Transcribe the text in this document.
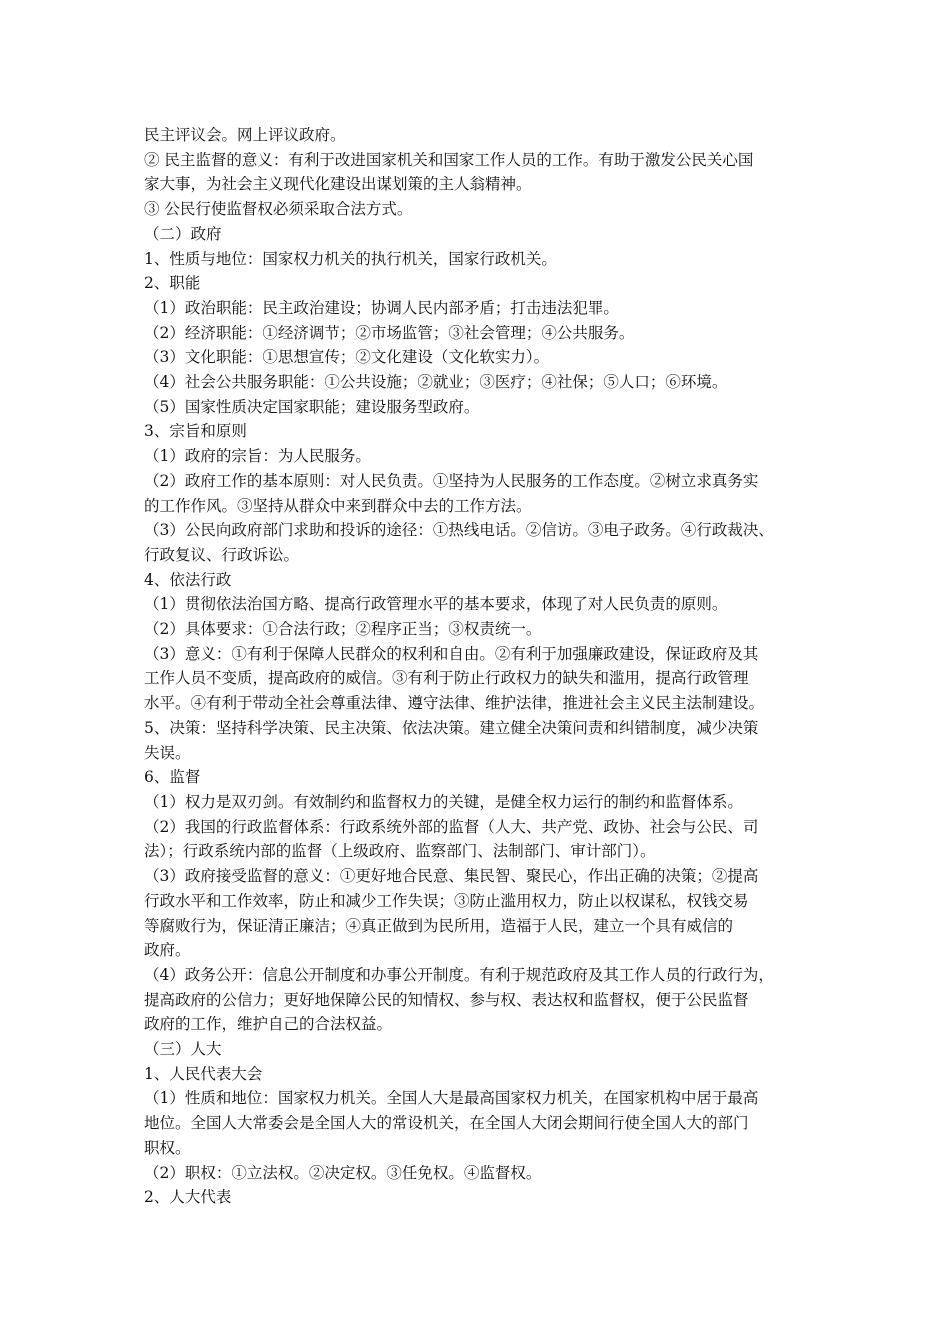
民主评议会。网上评议政府。
② 民主监督的意义：有利于改进国家机关和国家工作人员的工作。有助于激发公民关心国
家大事，为社会主义现代化建设出谋划策的主人翁精神。
③ 公民行使监督权必须采取合法方式。
（二）政府
1、性质与地位：国家权力机关的执行机关，国家行政机关。
2、职能
（1）政治职能：民主政治建设；协调人民内部矛盾；打击违法犯罪。
（2）经济职能：①经济调节；②市场监管；③社会管理；④公共服务。
（3）文化职能：①思想宣传；②文化建设（文化软实力）。
（4）社会公共服务职能：①公共设施；②就业；③医疗；④社保；⑤人口；⑥环境。
（5）国家性质决定国家职能；建设服务型政府。
3、宗旨和原则
（1）政府的宗旨：为人民服务。
（2）政府工作的基本原则：对人民负责。①坚持为人民服务的工作态度。②树立求真务实
的工作作风。③坚持从群众中来到群众中去的工作方法。
（3）公民向政府部门求助和投诉的途径：①热线电话。②信访。③电子政务。④行政裁决、
行政复议、行政诉讼。
4、依法行政
（1）贯彻依法治国方略、提高行政管理水平的基本要求，体现了对人民负责的原则。
（2）具体要求：①合法行政；②程序正当；③权责统一。
（3）意义：①有利于保障人民群众的权利和自由。②有利于加强廉政建设，保证政府及其
工作人员不变质，提高政府的威信。③有利于防止行政权力的缺失和滥用，提高行政管理
水平。④有利于带动全社会尊重法律、遵守法律、维护法律，推进社会主义民主法制建设。
5、决策：坚持科学决策、民主决策、依法决策。建立健全决策问责和纠错制度，减少决策
失误。
6、监督
（1）权力是双刃剑。有效制约和监督权力的关键，是健全权力运行的制约和监督体系。
（2）我国的行政监督体系：行政系统外部的监督（人大、共产党、政协、社会与公民、司
法）；行政系统内部的监督（上级政府、监察部门、法制部门、审计部门）。
（3）政府接受监督的意义：①更好地合民意、集民智、聚民心，作出正确的决策；②提高
行政水平和工作效率，防止和减少工作失误；③防止滥用权力，防止以权谋私，权钱交易
等腐败行为，保证清正廉洁；④真正做到为民所用，造福于人民，建立一个具有威信的
政府。
（4）政务公开：信息公开制度和办事公开制度。有利于规范政府及其工作人员的行政行为，
提高政府的公信力；更好地保障公民的知情权、参与权、表达权和监督权，便于公民监督
政府的工作，维护自己的合法权益。
（三）人大
1、人民代表大会
（1）性质和地位：国家权力机关。全国人大是最高国家权力机关，在国家机构中居于最高
地位。全国人大常委会是全国人大的常设机关，在全国人大闭会期间行使全国人大的部门
职权。
（2）职权：①立法权。②决定权。③任免权。④监督权。
2、人大代表
